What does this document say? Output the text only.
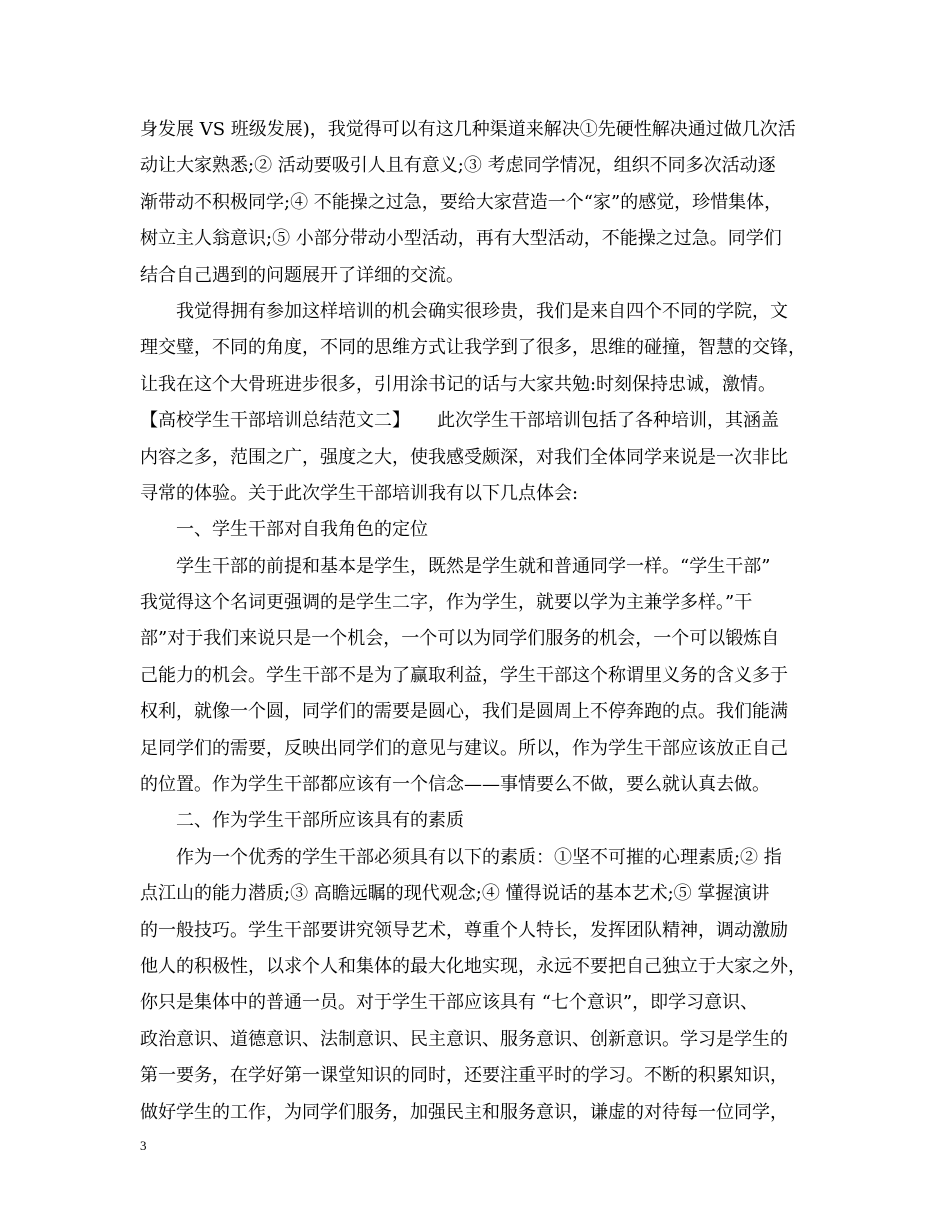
身发展 VS 班级发展)，我觉得可以有这几种渠道来解决①先硬性解决通过做几次活
动让大家熟悉;② 活动要吸引人且有意义;③ 考虑同学情况，组织不同多次活动逐
渐带动不积极同学;④ 不能操之过急，要给大家营造一个“家”的感觉，珍惜集体，
树立主人翁意识;⑤ 小部分带动小型活动，再有大型活动，不能操之过急。同学们
结合自己遇到的问题展开了详细的交流。
　　我觉得拥有参加这样培训的机会确实很珍贵，我们是来自四个不同的学院，文
理交璧，不同的角度，不同的思维方式让我学到了很多，思维的碰撞，智慧的交锋，
让我在这个大骨班进步很多，引用涂书记的话与大家共勉:时刻保持忠诚，激情。
【高校学生干部培训总结范文二】　　此次学生干部培训包括了各种培训，其涵盖
内容之多，范围之广，强度之大，使我感受颇深，对我们全体同学来说是一次非比
寻常的体验。关于此次学生干部培训我有以下几点体会:
　　一、学生干部对自我角色的定位
　　学生干部的前提和基本是学生，既然是学生就和普通同学一样。“学生干部”
我觉得这个名词更强调的是学生二字，作为学生，就要以学为主兼学多样。”干
部”对于我们来说只是一个机会，一个可以为同学们服务的机会，一个可以锻炼自
己能力的机会。学生干部不是为了赢取利益，学生干部这个称谓里义务的含义多于
权利，就像一个圆，同学们的需要是圆心，我们是圆周上不停奔跑的点。我们能满
足同学们的需要，反映出同学们的意见与建议。所以，作为学生干部应该放正自己
的位置。作为学生干部都应该有一个信念——事情要么不做，要么就认真去做。
　　二、作为学生干部所应该具有的素质
　　作为一个优秀的学生干部必须具有以下的素质：①坚不可摧的心理素质;② 指
点江山的能力潜质;③ 高瞻远瞩的现代观念;④ 懂得说话的基本艺术;⑤ 掌握演讲
的一般技巧。学生干部要讲究领导艺术，尊重个人特长，发挥团队精神，调动激励
他人的积极性，以求个人和集体的最大化地实现，永远不要把自己独立于大家之外，
你只是集体中的普通一员。对于学生干部应该具有 “七个意识”，即学习意识、
政治意识、道德意识、法制意识、民主意识、服务意识、创新意识。学习是学生的
第一要务，在学好第一课堂知识的同时，还要注重平时的学习。不断的积累知识，
做好学生的工作，为同学们服务，加强民主和服务意识，谦虚的对待每一位同学，
3
